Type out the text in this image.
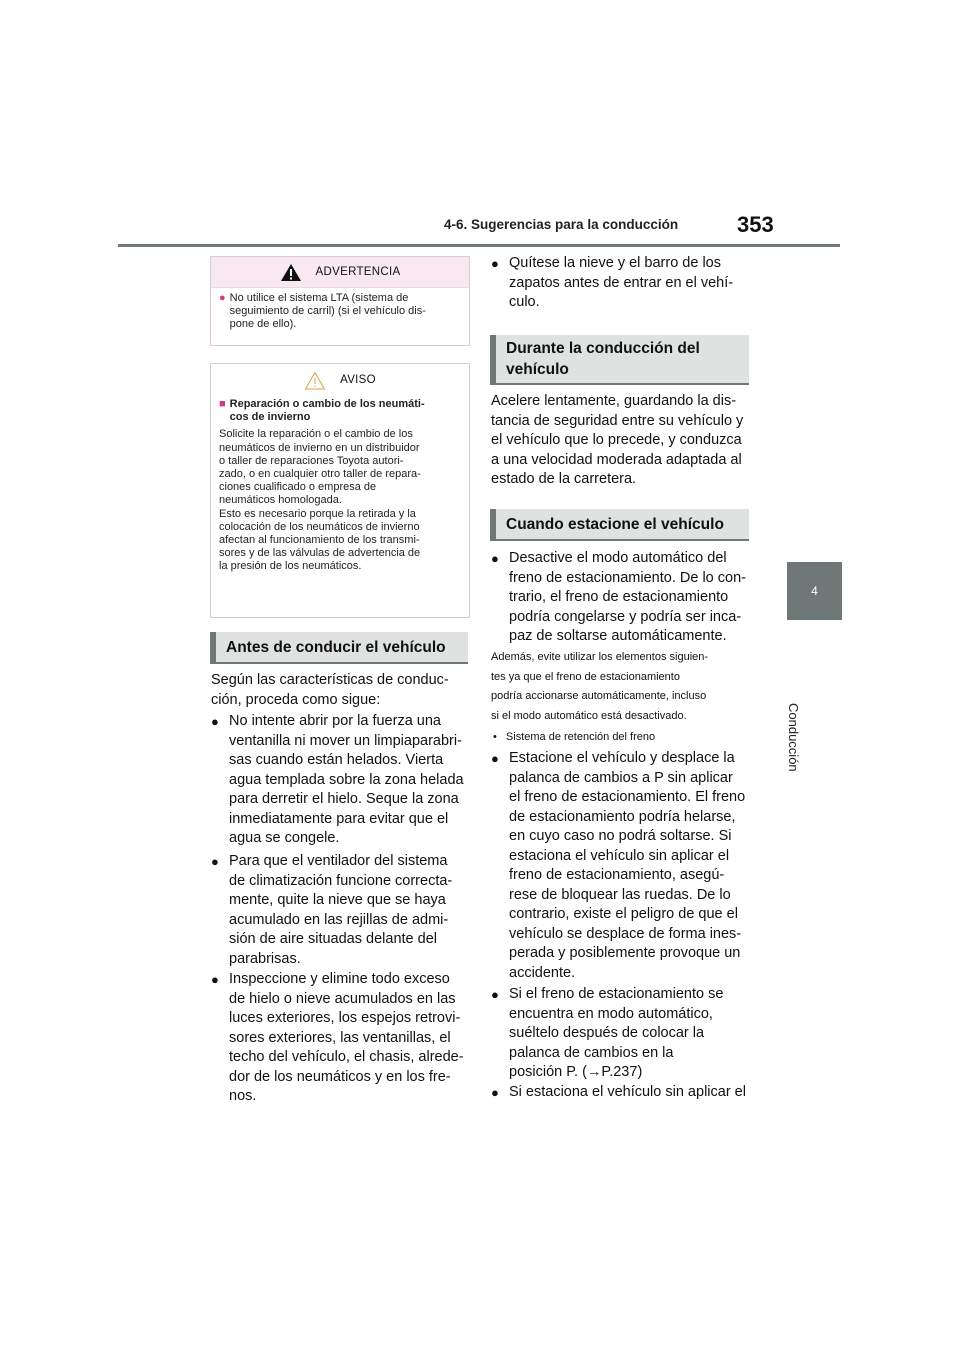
4-6. Sugerencias para la conducción	353
4
Conducción
ADVERTENCIA
● No utilice el sistema LTA (sistema de
seguimiento de carril) (si el vehículo dis-
pone de ello).
AVISO
■ Reparación o cambio de los neumáti-
cos de invierno
Solicite la reparación o el cambio de los
neumáticos de invierno en un distribuidor
o taller de reparaciones Toyota autori-
zado, o en cualquier otro taller de repara-
ciones cualificado o empresa de
neumáticos homologada.
Esto es necesario porque la retirada y la
colocación de los neumáticos de invierno
afectan al funcionamiento de los transmi-
sores y de las válvulas de advertencia de
la presión de los neumáticos.
Antes de conducir el vehículo
Según las características de conduc-
ción, proceda como sigue:
● No intente abrir por la fuerza una
ventanilla ni mover un limpiaparabri-
sas cuando están helados. Vierta
agua templada sobre la zona helada
para derretir el hielo. Seque la zona
inmediatamente para evitar que el
agua se congele.
● Para que el ventilador del sistema
de climatización funcione correcta-
mente, quite la nieve que se haya
acumulado en las rejillas de admi-
sión de aire situadas delante del
parabrisas.
● Inspeccione y elimine todo exceso
de hielo o nieve acumulados en las
luces exteriores, los espejos retrovi-
sores exteriores, las ventanillas, el
techo del vehículo, el chasis, alrede-
dor de los neumáticos y en los fre-
nos.
● Quítese la nieve y el barro de los
zapatos antes de entrar en el vehí-
culo.
Durante la conducción del
vehículo
Acelere lentamente, guardando la dis-
tancia de seguridad entre su vehículo y
el vehículo que lo precede, y conduzca
a una velocidad moderada adaptada al
estado de la carretera.
Cuando estacione el vehículo
● Desactive el modo automático del
freno de estacionamiento. De lo con-
trario, el freno de estacionamiento
podría congelarse y podría ser inca-
paz de soltarse automáticamente.
Además, evite utilizar los elementos siguien-
tes ya que el freno de estacionamiento
podría accionarse automáticamente, incluso
si el modo automático está desactivado.
• Sistema de retención del freno
● Estacione el vehículo y desplace la
palanca de cambios a P sin aplicar
el freno de estacionamiento. El freno
de estacionamiento podría helarse,
en cuyo caso no podrá soltarse. Si
estaciona el vehículo sin aplicar el
freno de estacionamiento, asegú-
rese de bloquear las ruedas. De lo
contrario, existe el peligro de que el
vehículo se desplace de forma ines-
perada y posiblemente provoque un
accidente.
● Si el freno de estacionamiento se
encuentra en modo automático,
suéltelo después de colocar la
palanca de cambios en la
posición P. (→P.237)
● Si estaciona el vehículo sin aplicar el
